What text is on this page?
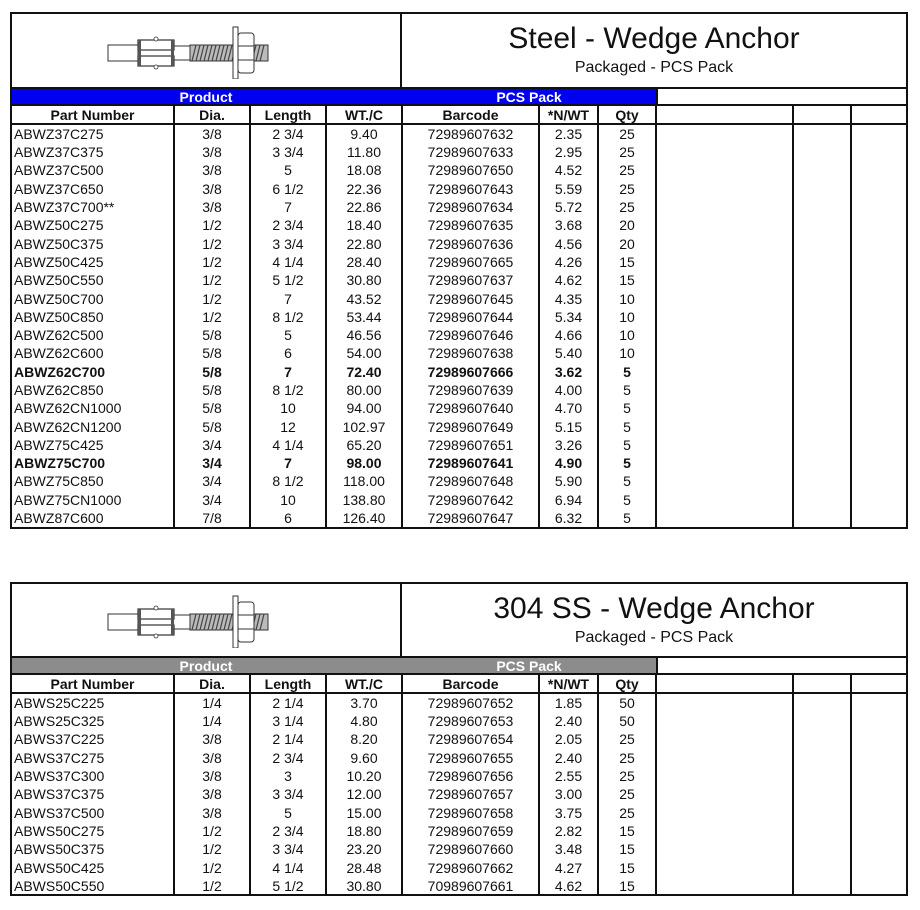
Steel - Wedge Anchor
Packaged - PCS Pack
Product	PCS Pack
Part Number	Dia.	Length	WT./C	Barcode	*N/WT	Qty			
ABWZ37C275	3/8	2 3/4	9.40	72989607632	2.35	25			
ABWZ37C375	3/8	3 3/4	11.80	72989607633	2.95	25			
ABWZ37C500	3/8	5	18.08	72989607650	4.52	25			
ABWZ37C650	3/8	6 1/2	22.36	72989607643	5.59	25			
ABWZ37C700**	3/8	7	22.86	72989607634	5.72	25			
ABWZ50C275	1/2	2 3/4	18.40	72989607635	3.68	20			
ABWZ50C375	1/2	3 3/4	22.80	72989607636	4.56	20			
ABWZ50C425	1/2	4 1/4	28.40	72989607665	4.26	15			
ABWZ50C550	1/2	5 1/2	30.80	72989607637	4.62	15			
ABWZ50C700	1/2	7	43.52	72989607645	4.35	10			
ABWZ50C850	1/2	8 1/2	53.44	72989607644	5.34	10			
ABWZ62C500	5/8	5	46.56	72989607646	4.66	10			
ABWZ62C600	5/8	6	54.00	72989607638	5.40	10			
ABWZ62C700	5/8	7	72.40	72989607666	3.62	5			
ABWZ62C850	5/8	8 1/2	80.00	72989607639	4.00	5			
ABWZ62CN1000	5/8	10	94.00	72989607640	4.70	5			
ABWZ62CN1200	5/8	12	102.97	72989607649	5.15	5			
ABWZ75C425	3/4	4 1/4	65.20	72989607651	3.26	5			
ABWZ75C700	3/4	7	98.00	72989607641	4.90	5			
ABWZ75C850	3/4	8 1/2	118.00	72989607648	5.90	5			
ABWZ75CN1000	3/4	10	138.80	72989607642	6.94	5			
ABWZ87C600	7/8	6	126.40	72989607647	6.32	5			
304 SS - Wedge Anchor
Packaged - PCS Pack
Product	PCS Pack
Part Number	Dia.	Length	WT./C	Barcode	*N/WT	Qty			
ABWS25C225	1/4	2 1/4	3.70	72989607652	1.85	50			
ABWS25C325	1/4	3 1/4	4.80	72989607653	2.40	50			
ABWS37C225	3/8	2 1/4	8.20	72989607654	2.05	25			
ABWS37C275	3/8	2 3/4	9.60	72989607655	2.40	25			
ABWS37C300	3/8	3	10.20	72989607656	2.55	25			
ABWS37C375	3/8	3 3/4	12.00	72989607657	3.00	25			
ABWS37C500	3/8	5	15.00	72989607658	3.75	25			
ABWS50C275	1/2	2 3/4	18.80	72989607659	2.82	15			
ABWS50C375	1/2	3 3/4	23.20	72989607660	3.48	15			
ABWS50C425	1/2	4 1/4	28.48	72989607662	4.27	15			
ABWS50C550	1/2	5 1/2	30.80	70989607661	4.62	15			
